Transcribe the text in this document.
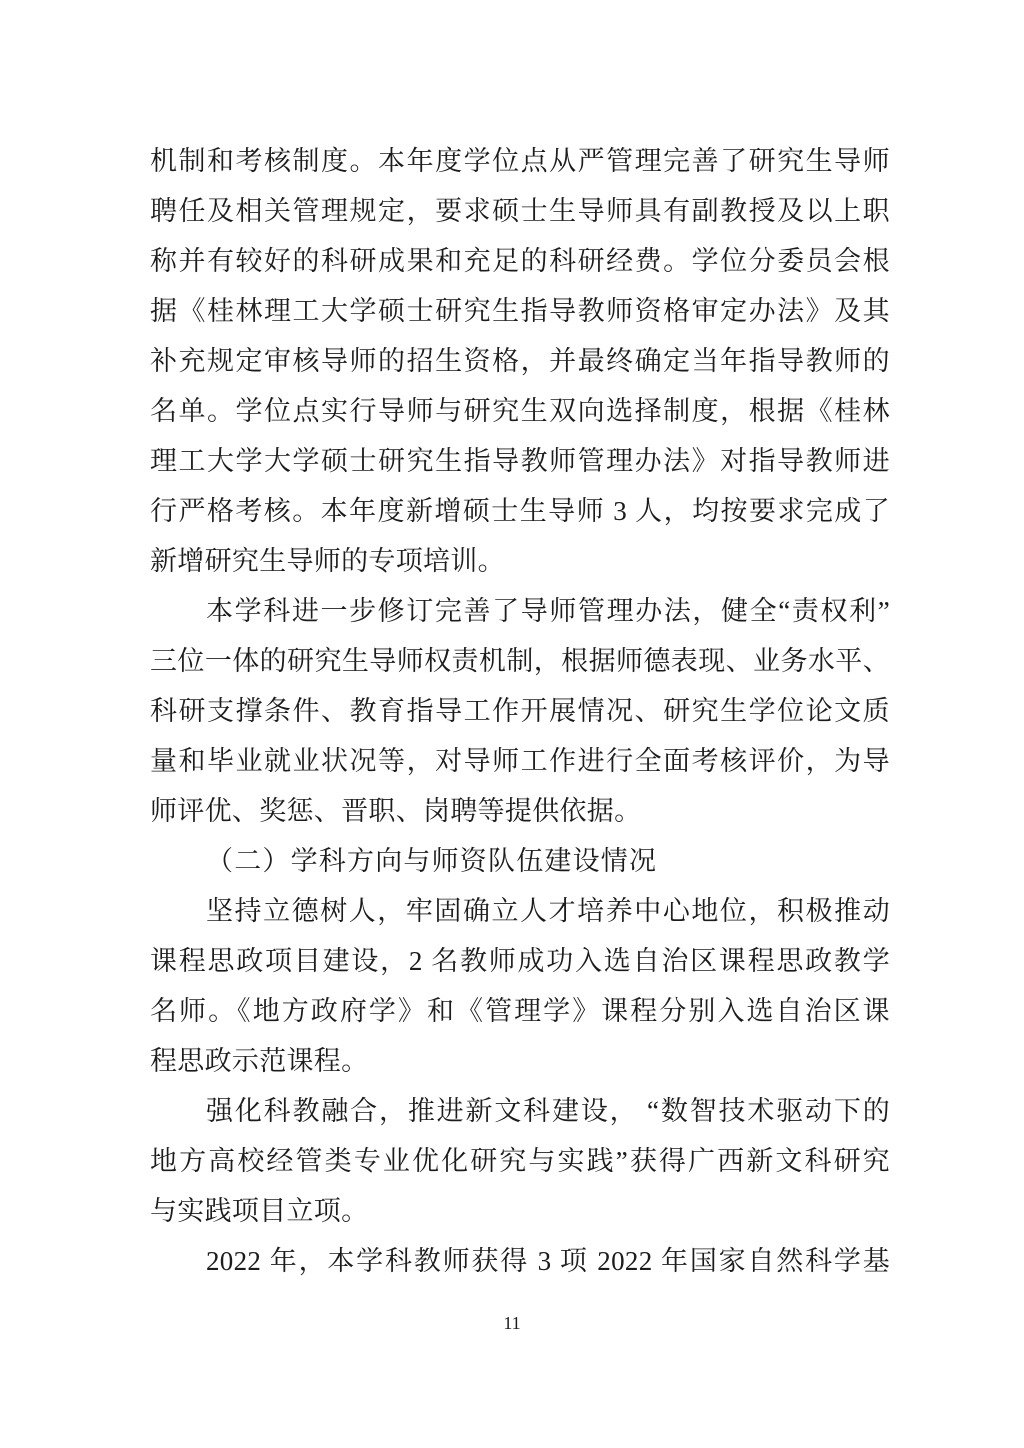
机制和考核制度。本年度学位点从严管理完善了研究生导师
聘任及相关管理规定，要求硕士生导师具有副教授及以上职
称并有较好的科研成果和充足的科研经费。学位分委员会根
据《桂林理工大学硕士研究生指导教师资格审定办法》及其
补充规定审核导师的招生资格，并最终确定当年指导教师的
名单。学位点实行导师与研究生双向选择制度，根据《桂林
理工大学大学硕士研究生指导教师管理办法》对指导教师进
行严格考核。本年度新增硕士生导师 3 人，均按要求完成了
新增研究生导师的专项培训。
本学科进一步修订完善了导师管理办法，健全“责权利”
三位一体的研究生导师权责机制，根据师德表现、业务水平、
科研支撑条件、教育指导工作开展情况、研究生学位论文质
量和毕业就业状况等，对导师工作进行全面考核评价，为导
师评优、奖惩、晋职、岗聘等提供依据。
（二）学科方向与师资队伍建设情况
坚持立德树人，牢固确立人才培养中心地位，积极推动
课程思政项目建设，2 名教师成功入选自治区课程思政教学
名师。《地方政府学》和《管理学》课程分别入选自治区课
程思政示范课程。
强化科教融合，推进新文科建设， “数智技术驱动下的
地方高校经管类专业优化研究与实践”获得广西新文科研究
与实践项目立项。
2022 年，本学科教师获得 3 项 2022 年国家自然科学基
11
